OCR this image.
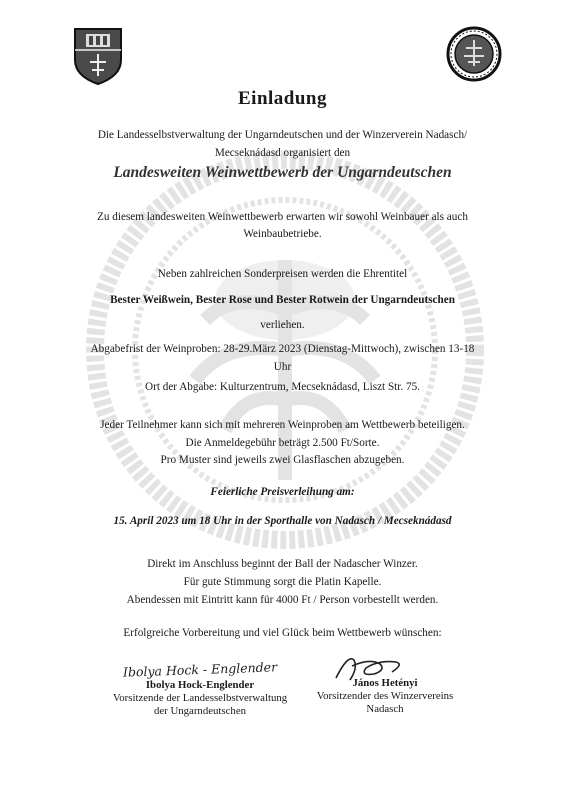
Einladung
Die Landesselbstverwaltung der Ungarndeutschen und der Winzerverein Nadasch/
Mecseknádasd organisiert den
Landesweiten Weinwettbewerb der Ungarndeutschen
Zu diesem landesweiten Weinwettbewerb erwarten wir sowohl Weinbauer als auch
Weinbaubetriebe.
Neben zahlreichen Sonderpreisen werden die Ehrentitel
Bester Weißwein, Bester Rose und Bester Rotwein der Ungarndeutschen
verliehen.
Abgabefrist der Weinproben: 28-29.März 2023 (Dienstag-Mittwoch), zwischen 13-18
Uhr
Ort der Abgabe: Kulturzentrum, Mecseknádasd, Liszt Str. 75.
Jeder Teilnehmer kann sich mit mehreren Weinproben am Wettbewerb beteiligen.
Die Anmeldegebühr beträgt 2.500 Ft/Sorte.
Pro Muster sind jeweils zwei Glasflaschen abzugeben.
Feierliche Preisverleihung am:
15. April 2023 um 18 Uhr in der Sporthalle von Nadasch / Mecseknádasd
Direkt im Anschluss beginnt der Ball der Nadascher Winzer.
Für gute Stimmung sorgt die Platin Kapelle.
Abendessen mit Eintritt kann für 4000 Ft / Person vorbestellt werden.
Erfolgreiche Vorbereitung und viel Glück beim Wettbewerb wünschen:
Ibolya Hock - Englender
Ibolya Hock-Englender
Vorsitzende der Landesselbstverwaltung
der Ungarndeutschen
János Hetényi
Vorsitzender des Winzervereins
Nadasch
